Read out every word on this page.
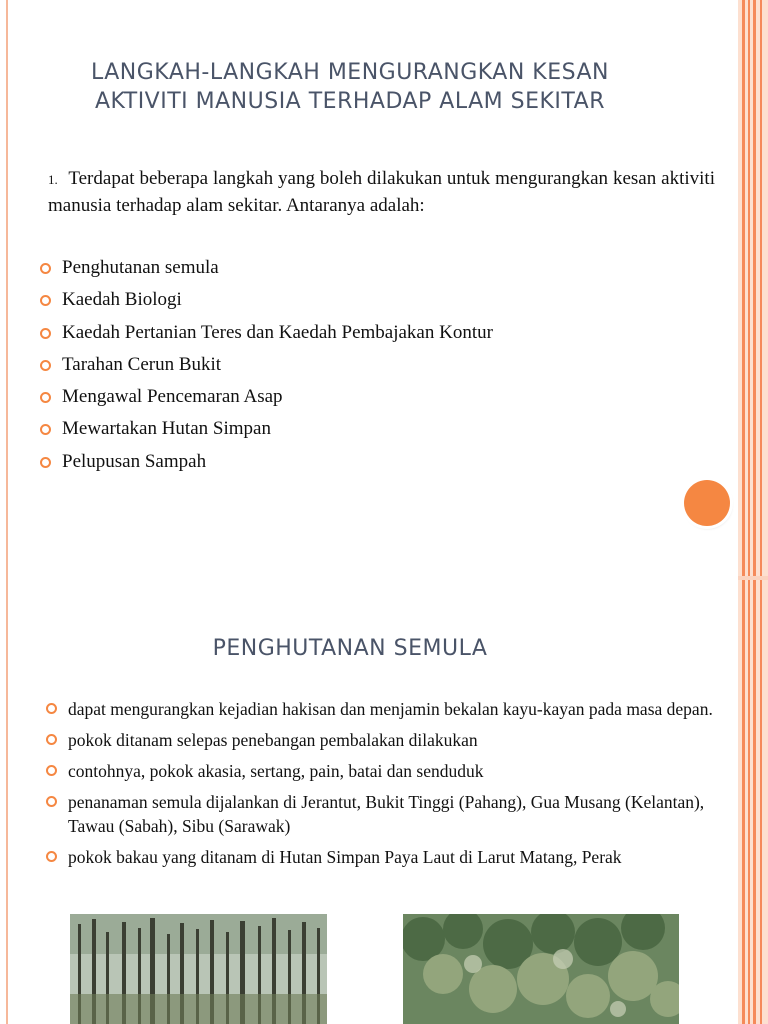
LANGKAH-LANGKAH MENGURANGKAN KESAN
AKTIVITI MANUSIA TERHADAP ALAM SEKITAR
1. Terdapat beberapa langkah yang boleh dilakukan untuk mengurangkan kesan aktiviti manusia terhadap alam sekitar. Antaranya adalah:
Penghutanan semula
Kaedah Biologi
Kaedah Pertanian Teres dan Kaedah Pembajakan Kontur
Tarahan Cerun Bukit
Mengawal Pencemaran Asap
Mewartakan Hutan Simpan
Pelupusan Sampah
PENGHUTANAN SEMULA
dapat mengurangkan kejadian hakisan dan menjamin bekalan kayu-kayan pada masa depan.
pokok ditanam selepas penebangan pembalakan dilakukan
contohnya, pokok akasia, sertang, pain, batai dan senduduk
penanaman semula dijalankan di Jerantut, Bukit Tinggi (Pahang), Gua Musang (Kelantan), Tawau (Sabah), Sibu (Sarawak)
pokok bakau yang ditanam di Hutan Simpan Paya Laut di Larut Matang, Perak
